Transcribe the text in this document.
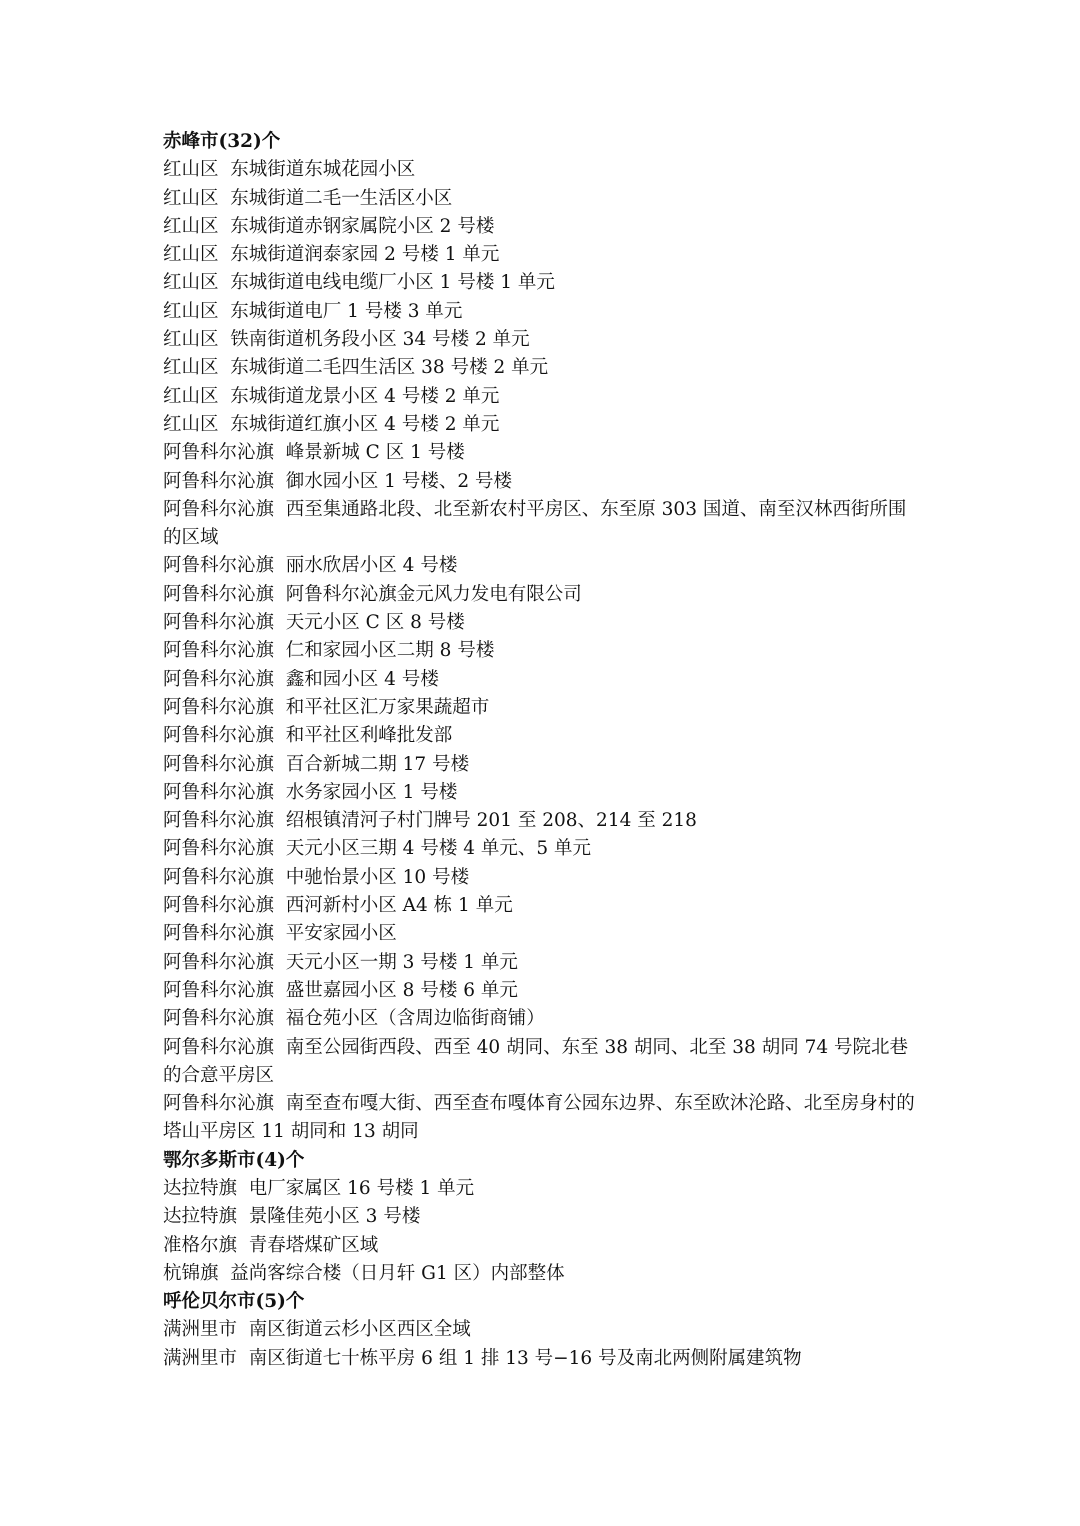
赤峰市(32)个
红山区 东城街道东城花园小区
红山区 东城街道二毛一生活区小区
红山区 东城街道赤钢家属院小区 2 号楼
红山区 东城街道润泰家园 2 号楼 1 单元
红山区 东城街道电线电缆厂小区 1 号楼 1 单元
红山区 东城街道电厂 1 号楼 3 单元
红山区 铁南街道机务段小区 34 号楼 2 单元
红山区 东城街道二毛四生活区 38 号楼 2 单元
红山区 东城街道龙景小区 4 号楼 2 单元
红山区 东城街道红旗小区 4 号楼 2 单元
阿鲁科尔沁旗 峰景新城 C 区 1 号楼
阿鲁科尔沁旗 御水园小区 1 号楼、2 号楼
阿鲁科尔沁旗 西至集通路北段、北至新农村平房区、东至原 303 国道、南至汉林西街所围的区域
阿鲁科尔沁旗 丽水欣居小区 4 号楼
阿鲁科尔沁旗 阿鲁科尔沁旗金元风力发电有限公司
阿鲁科尔沁旗 天元小区 C 区 8 号楼
阿鲁科尔沁旗 仁和家园小区二期 8 号楼
阿鲁科尔沁旗 鑫和园小区 4 号楼
阿鲁科尔沁旗 和平社区汇万家果蔬超市
阿鲁科尔沁旗 和平社区利峰批发部
阿鲁科尔沁旗 百合新城二期 17 号楼
阿鲁科尔沁旗 水务家园小区 1 号楼
阿鲁科尔沁旗 绍根镇清河子村门牌号 201 至 208、214 至 218
阿鲁科尔沁旗 天元小区三期 4 号楼 4 单元、5 单元
阿鲁科尔沁旗 中驰怡景小区 10 号楼
阿鲁科尔沁旗 西河新村小区 A4 栋 1 单元
阿鲁科尔沁旗 平安家园小区
阿鲁科尔沁旗 天元小区一期 3 号楼 1 单元
阿鲁科尔沁旗 盛世嘉园小区 8 号楼 6 单元
阿鲁科尔沁旗 福仓苑小区（含周边临街商铺）
阿鲁科尔沁旗 南至公园街西段、西至 40 胡同、东至 38 胡同、北至 38 胡同 74 号院北巷的合意平房区
阿鲁科尔沁旗 南至查布嘎大街、西至查布嘎体育公园东边界、东至欧沐沦路、北至房身村的塔山平房区 11 胡同和 13 胡同
鄂尔多斯市(4)个
达拉特旗 电厂家属区 16 号楼 1 单元
达拉特旗 景隆佳苑小区 3 号楼
准格尔旗 青春塔煤矿区域
杭锦旗 益尚客综合楼（日月轩 G1 区）内部整体
呼伦贝尔市(5)个
满洲里市 南区街道云杉小区西区全域
满洲里市 南区街道七十栋平房 6 组 1 排 13 号−16 号及南北两侧附属建筑物
